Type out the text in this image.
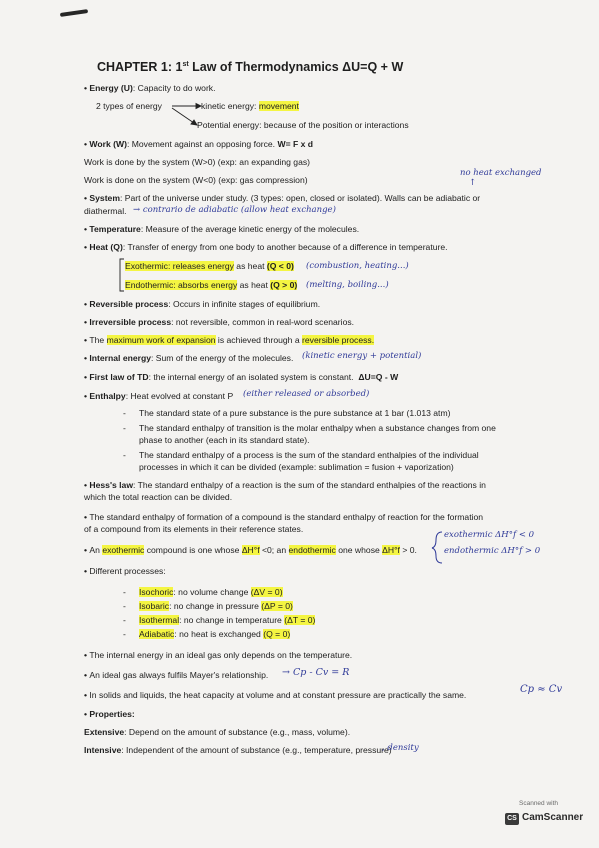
CHAPTER 1: 1st Law of Thermodynamics ΔU=Q + W
• Energy (U): Capacity to do work.
2 types of energy	kinetic energy: movement
Potential energy: because of the position or interactions
• Work (W): Movement against an opposing force. W= F x d
Work is done by the system (W>0) (exp: an expanding gas)
Work is done on the system (W<0) (exp: gas compression)
no heat exchanged
↑
• System: Part of the universe under study. (3 types: open, closed or isolated). Walls can be adiabatic or
diathermal. → contrario de adiabatic (allow heat exchange)
• Temperature: Measure of the average kinetic energy of the molecules.
• Heat (Q): Transfer of energy from one body to another because of a difference in temperature.
Exothermic: releases energy as heat (Q < 0) (combustion, heating...)
Endothermic: absorbs energy as heat (Q > 0) (melting, boiling...)
• Reversible process: Occurs in infinite stages of equilibrium.
• Irreversible process: not reversible, common in real-word scenarios.
• The maximum work of expansion is achieved through a reversible process.
• Internal energy: Sum of the energy of the molecules. (kinetic energy + potential)
• First law of TD: the internal energy of an isolated system is constant. ΔU=Q - W
• Enthalpy: Heat evolved at constant P (either released or absorbed)
- The standard state of a pure substance is the pure substance at 1 bar (1.013 atm)
- The standard enthalpy of transition is the molar enthalpy when a substance changes from one
phase to another (each in its standard state).
- The standard enthalpy of a process is the sum of the standard enthalpies of the individual
processes in which it can be divided (example: sublimation = fusion + vaporization)
• Hess's law: The standard enthalpy of a reaction is the sum of the standard enthalpies of the reactions in
which the total reaction can be divided.
• The standard enthalpy of formation of a compound is the standard enthalpy of reaction for the formation
of a compound from its elements in their reference states.
• An exothermic compound is one whose ΔH°f <0; an endothermic one whose ΔH°f > 0.
exothermic ΔH°f < 0
endothermic ΔH°f > 0
• Different processes:
- Isochoric: no volume change (ΔV = 0)
- Isobaric: no change in pressure (ΔP = 0)
- Isothermal: no change in temperature (ΔT = 0)
- Adiabatic: no heat is exchanged (Q = 0)
• The internal energy in an ideal gas only depends on the temperature.
• An ideal gas always fulfils Mayer's relationship. → Cp - Cv = R
• In solids and liquids, the heat capacity at volume and at constant pressure are practically the same.	Cp ≈ Cv
• Properties:
Extensive: Depend on the amount of substance (e.g., mass, volume).
Intensive: Independent of the amount of substance (e.g., temperature, pressure)
, density
Scanned with
CS CamScanner
